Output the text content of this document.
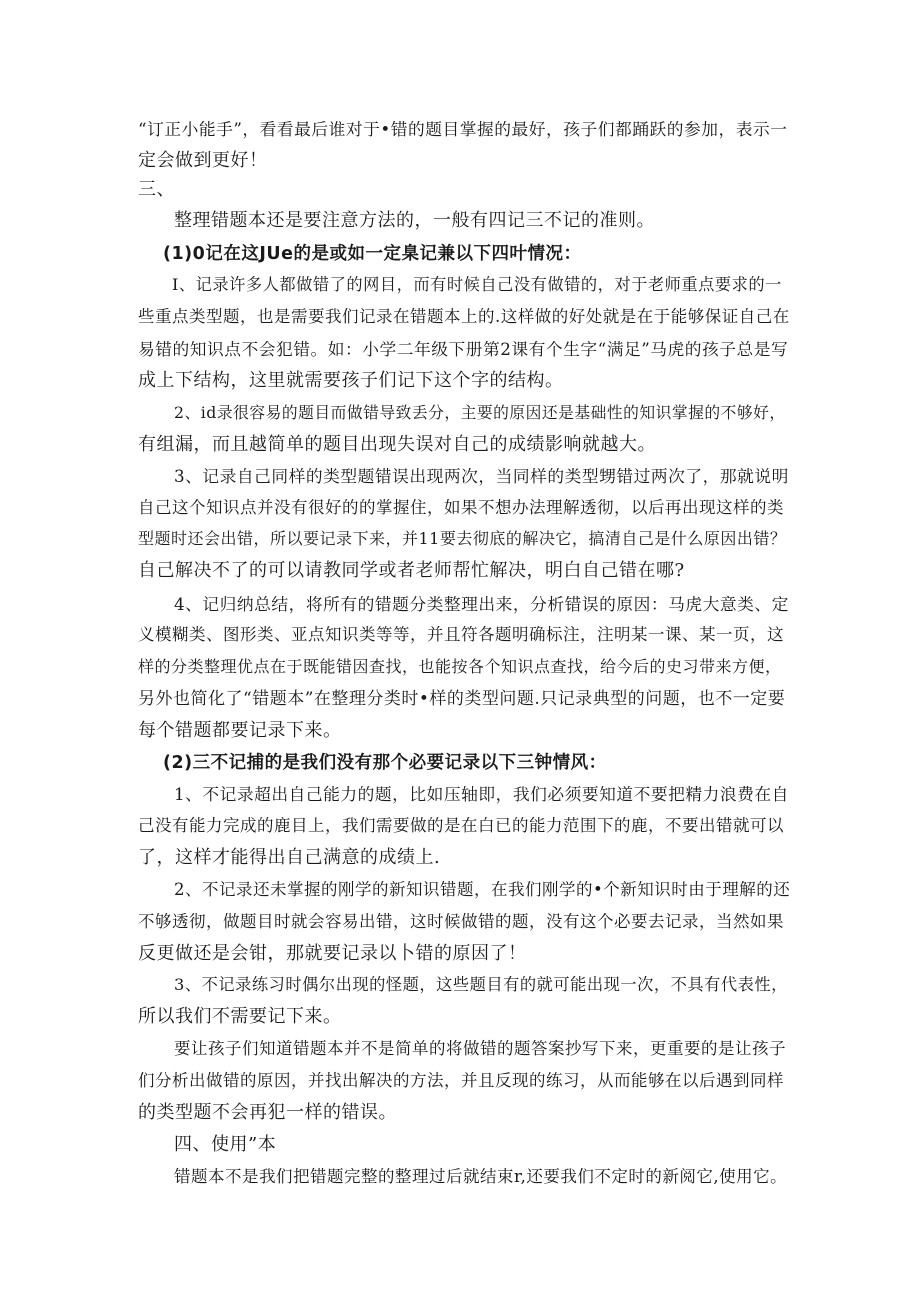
“订正小能手”，看看最后谁对于•错的题目掌握的最好，孩子们都踊跃的参加，表示一
定会做到更好！
三、
整理错题本还是要注意方法的，一般有四记三不记的准则。
(1)0记在这JUe的是或如一定臬记兼以下四叶情况：
I、记录许多人都做错了的网目，而有时候自己没有做错的，对于老师重点要求的一
些重点类型题，也是需要我们记录在错题本上的.这样做的好处就是在于能够保证自己在
易错的知识点不会犯错。如：小学二年级下册第2课有个生字“满足”马虎的孩子总是写
成上下结构，这里就需要孩子们记下这个字的结构。
2、id录很容易的题目而做错导致丢分，主要的原因还是基础性的知识掌握的不够好，
有组漏，而且越简单的题目出现失误对自己的成绩影响就越大。
3、记录自己同样的类型题错误出现两次，当同样的类型甥错过两次了，那就说明
自己这个知识点并没有很好的的掌握住，如果不想办法理解透彻，以后再出现这样的类
型题时还会出错，所以要记录下来，并11要去彻底的解决它，搞清自己是什么原因出错？
自己解决不了的可以请教同学或者老师帮忙解决，明白自己错在哪?
4、记归纳总结，将所有的错题分类整理出来，分析错误的原因：马虎大意类、定
义模糊类、图形类、亚点知识类等等，并且符各题明确标注，注明某一课、某一页，这
样的分类整理优点在于既能错因查找，也能按各个知识点查找，给今后的史习带来方便，
另外也简化了“错题本”在整理分类时•样的类型问题.只记录典型的问题，也不一定要
每个错题都要记录下来。
(2)三不记捕的是我们没有那个必要记录以下三钟情风：
1、不记录超出自己能力的题，比如压轴即，我们必须要知道不要把精力浪费在自
己没有能力完成的鹿目上，我们需要做的是在白已的能力范围下的鹿，不要出错就可以
了，这样才能得出自己满意的成绩上.
2、不记录还未掌握的刚学的新知识错题，在我们刚学的•个新知识时由于理解的还
不够透彻，做题目时就会容易出错，这时候做错的题，没有这个必要去记录，当然如果
反更做还是会钳，那就要记录以卜错的原因了！
3、不记录练习时偶尔出现的怪题，这些题目有的就可能出现一次，不具有代表性，
所以我们不需要记下来。
要让孩子们知道错题本并不是简单的将做错的题答案抄写下来，更重要的是让孩子
们分析出做错的原因，并找出解决的方法，并且反现的练习，从而能够在以后遇到同样
的类型题不会再犯一样的错误。
四、使用”本
错题本不是我们把错题完整的整理过后就结束r,还要我们不定时的新阅它,使用它。
